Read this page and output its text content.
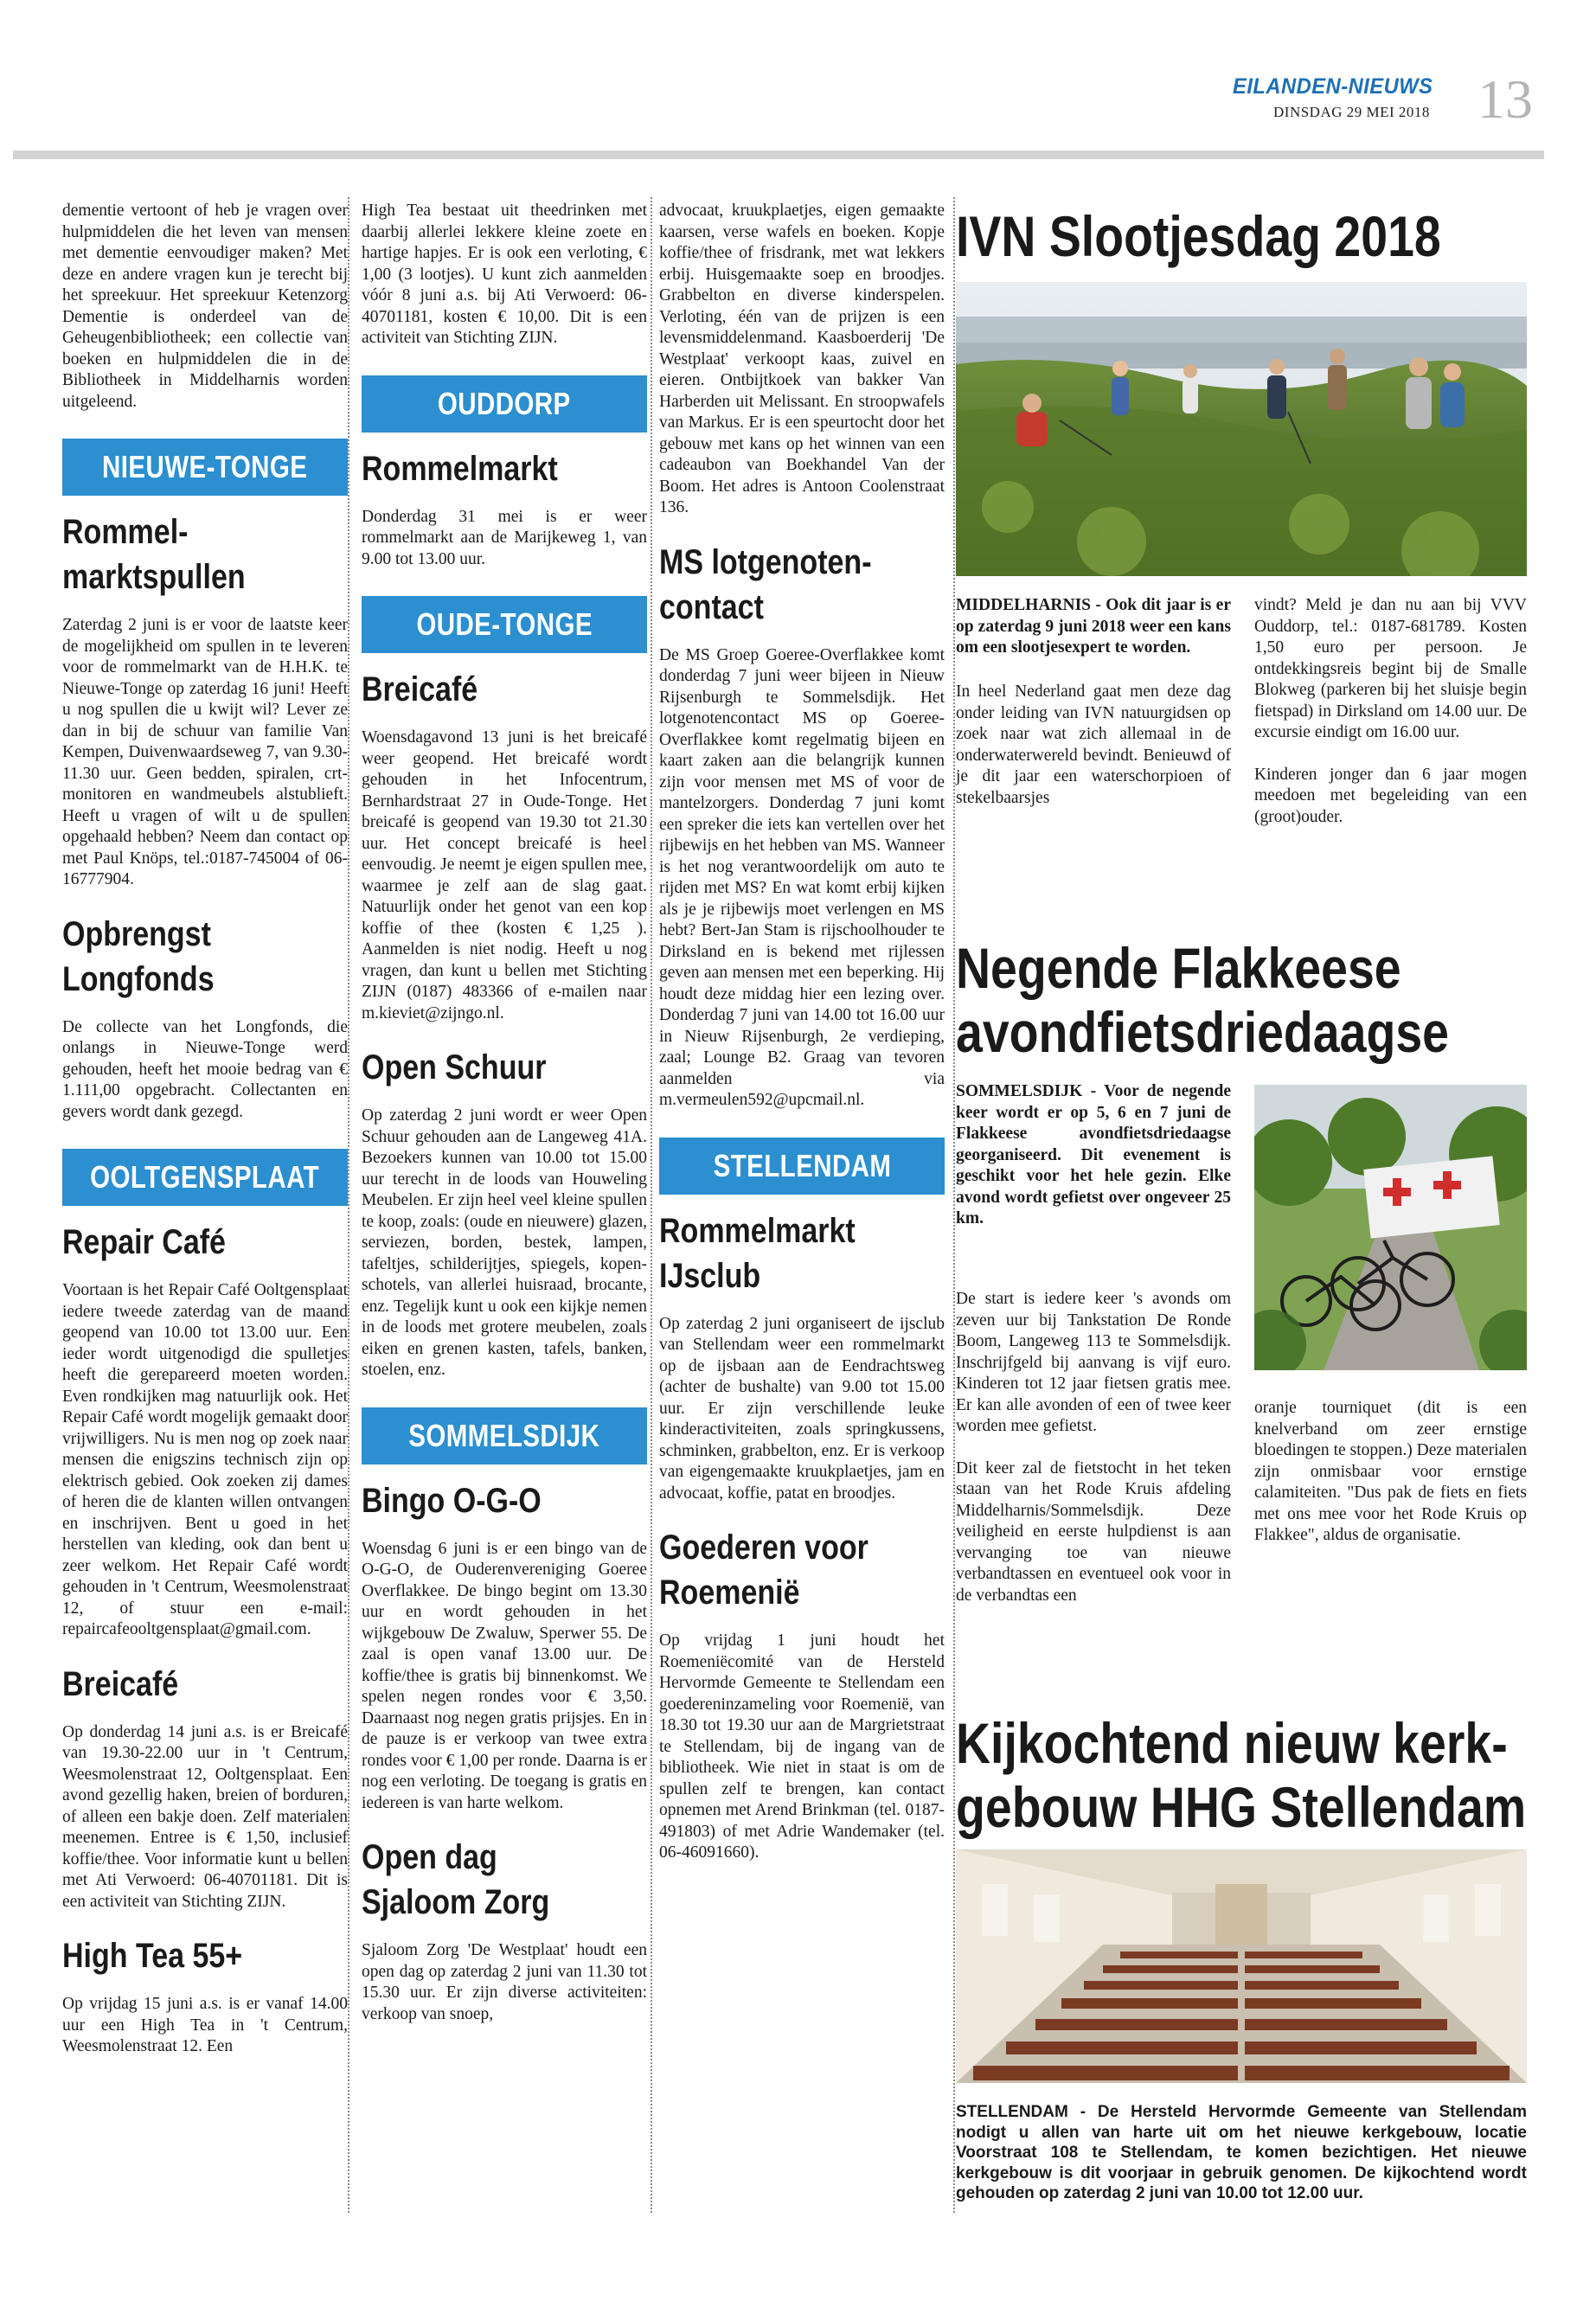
EILANDEN-NIEUWS
DINSDAG 29 MEI 2018 13

dementie vertoont of heb je vragen over hulpmiddelen die het leven van mensen met dementie eenvoudiger maken? Met deze en andere vragen kun je terecht bij het spreekuur. Het spreekuur Ketenzorg Dementie is onderdeel van de Geheugenbibliotheek; een collectie van boeken en hulpmiddelen die in de Bibliotheek in Middelharnis worden uitgeleend.

NIEUWE-TONGE
Rommel-
marktspullen

Zaterdag 2 juni is er voor de laatste keer de mogelijkheid om spullen in te leveren voor de rommelmarkt van de H.H.K. te Nieuwe-Tonge op zaterdag 16 juni! Heeft u nog spullen die u kwijt wil? Lever ze dan in bij de schuur van familie Van Kempen, Duivenwaardseweg 7, van 9.30-11.30 uur. Geen bedden, spiralen, crt-monitoren en wandmeubels alstublieft. Heeft u vragen of wilt u de spullen opgehaald hebben? Neem dan contact op met Paul Knöps, tel.:0187-745004 of 06-16777904.

Opbrengst
Longfonds

De collecte van het Longfonds, die onlangs in Nieuwe-Tonge werd gehouden, heeft het mooie bedrag van € 1.111,00 opgebracht. Collectanten en gevers wordt dank gezegd.

OOLTGENSPLAAT
Repair Café

Voortaan is het Repair Café Ooltgensplaat iedere tweede zaterdag van de maand geopend van 10.00 tot 13.00 uur. Een ieder wordt uitgenodigd die spulletjes heeft die gerepareerd moeten worden. Even rondkijken mag natuurlijk ook. Het Repair Café wordt mogelijk gemaakt door vrijwilligers. Nu is men nog op zoek naar mensen die enigszins technisch zijn op elektrisch gebied. Ook zoeken zij dames of heren die de klanten willen ontvangen en inschrijven. Bent u goed in het herstellen van kleding, ook dan bent u zeer welkom. Het Repair Café wordt gehouden in 't Centrum, Weesmolenstraat 12, of stuur een e-mail: repaircafeooltgensplaat@gmail.com.

Breicafé

Op donderdag 14 juni a.s. is er Breicafé van 19.30-22.00 uur in 't Centrum, Weesmolenstraat 12, Ooltgensplaat. Een avond gezellig haken, breien of borduren, of alleen een bakje doen. Zelf materialen meenemen. Entree is € 1,50, inclusief koffie/thee. Voor informatie kunt u bellen met Ati Verwoerd: 06-40701181. Dit is een activiteit van Stichting ZIJN.

High Tea 55+

Op vrijdag 15 juni a.s. is er vanaf 14.00 uur een High Tea in 't Centrum, Weesmolenstraat 12. Een

High Tea bestaat uit theedrinken met daarbij allerlei lekkere kleine zoete en hartige hapjes. Er is ook een verloting, € 1,00 (3 lootjes). U kunt zich aanmelden vóór 8 juni a.s. bij Ati Verwoerd: 06-40701181, kosten € 10,00. Dit is een activiteit van Stichting ZIJN.

OUDDORP
Rommelmarkt

Donderdag 31 mei is er weer rommelmarkt aan de Marijkeweg 1, van 9.00 tot 13.00 uur.

OUDE-TONGE
Breicafé

Woensdagavond 13 juni is het breicafé weer geopend. Het breicafé wordt gehouden in het Infocentrum, Bernhardstraat 27 in Oude-Tonge. Het breicafé is geopend van 19.30 tot 21.30 uur. Het concept breicafé is heel eenvoudig. Je neemt je eigen spullen mee, waarmee je zelf aan de slag gaat. Natuurlijk onder het genot van een kop koffie of thee (kosten € 1,25 ). Aanmelden is niet nodig. Heeft u nog vragen, dan kunt u bellen met Stichting ZIJN (0187) 483366 of e-mailen naar m.kieviet@zijngo.nl.

Open Schuur

Op zaterdag 2 juni wordt er weer Open Schuur gehouden aan de Langeweg 41A. Bezoekers kunnen van 10.00 tot 15.00 uur terecht in de loods van Houweling Meubelen. Er zijn heel veel kleine spullen te koop, zoals: (oude en nieuwere) glazen, serviezen, borden, bestek, lampen, tafeltjes, schilderijtjes, spiegels, kopen-schotels, van allerlei huisraad, brocante, enz. Tegelijk kunt u ook een kijkje nemen in de loods met grotere meubelen, zoals eiken en grenen kasten, tafels, banken, stoelen, enz.

SOMMELSDIJK
Bingo O-G-O

Woensdag 6 juni is er een bingo van de O-G-O, de Ouderenvereniging Goeree Overflakkee. De bingo begint om 13.30 uur en wordt gehouden in het wijkgebouw De Zwaluw, Sperwer 55. De zaal is open vanaf 13.00 uur. De koffie/thee is gratis bij binnenkomst. We spelen negen rondes voor € 3,50. Daarnaast nog negen gratis prijsjes. En in de pauze is er verkoop van twee extra rondes voor € 1,00 per ronde. Daarna is er nog een verloting. De toegang is gratis en iedereen is van harte welkom.

Open dag
Sjaloom Zorg

Sjaloom Zorg 'De Westplaat' houdt een open dag op zaterdag 2 juni van 11.30 tot 15.30 uur. Er zijn diverse activiteiten: verkoop van snoep,

advocaat, kruukplaetjes, eigen gemaakte kaarsen, verse wafels en boeken. Kopje koffie/thee of frisdrank, met wat lekkers erbij. Huisgemaakte soep en broodjes. Grabbelton en diverse kinderspelen. Verloting, één van de prijzen is een levensmiddelenmand. Kaasboerderij 'De Westplaat' verkoopt kaas, zuivel en eieren. Ontbijtkoek van bakker Van Harberden uit Melissant. En stroopwafels van Markus. Er is een speurtocht door het gebouw met kans op het winnen van een cadeaubon van Boekhandel Van der Boom. Het adres is Antoon Coolenstraat 136.

MS lotgenoten-
contact

De MS Groep Goeree-Overflakkee komt donderdag 7 juni weer bijeen in Nieuw Rijsenburgh te Sommelsdijk. Het lotgenotencontact MS op Goeree-Overflakkee komt regelmatig bijeen en kaart zaken aan die belangrijk kunnen zijn voor mensen met MS of voor de mantelzorgers. Donderdag 7 juni komt een spreker die iets kan vertellen over het rijbewijs en het hebben van MS. Wanneer is het nog verantwoordelijk om auto te rijden met MS? En wat komt erbij kijken als je je rijbewijs moet verlengen en MS hebt? Bert-Jan Stam is rijschoolhouder te Dirksland en is bekend met rijlessen geven aan mensen met een beperking. Hij houdt deze middag hier een lezing over. Donderdag 7 juni van 14.00 tot 16.00 uur in Nieuw Rijsenburgh, 2e verdieping, zaal; Lounge B2. Graag van tevoren aanmelden via m.vermeulen592@upcmail.nl.

STELLENDAM
Rommelmarkt
IJsclub

Op zaterdag 2 juni organiseert de ijsclub van Stellendam weer een rommelmarkt op de ijsbaan aan de Eendrachtsweg (achter de bushalte) van 9.00 tot 15.00 uur. Er zijn verschillende leuke kinderactiviteiten, zoals springkussens, schminken, grabbelton, enz. Er is verkoop van eigengemaakte kruukplaetjes, jam en advocaat, koffie, patat en broodjes.

Goederen voor
Roemenië

Op vrijdag 1 juni houdt het Roemeniëcomité van de Hersteld Hervormde Gemeente te Stellendam een goedereninzameling voor Roemenië, van 18.30 tot 19.30 uur aan de Margrietstraat te Stellendam, bij de ingang van de bibliotheek. Wie niet in staat is om de spullen zelf te brengen, kan contact opnemen met Arend Brinkman (tel. 0187-491803) of met Adrie Wandemaker (tel. 06-46091660).

IVN Slootjesdag 2018

MIDDELHARNIS - Ook dit jaar is er op zaterdag 9 juni 2018 weer een kans om een slootjesexpert te worden.

In heel Nederland gaat men deze dag onder leiding van IVN natuurgidsen op zoek naar wat zich allemaal in de onderwaterwereld bevindt. Benieuwd of je dit jaar een waterschorpioen of stekelbaarsjes

vindt? Meld je dan nu aan bij VVV Ouddorp, tel.: 0187-681789. Kosten 1,50 euro per persoon. Je ontdekkingsreis begint bij de Smalle Blokweg (parkeren bij het sluisje begin fietspad) in Dirksland om 14.00 uur. De excursie eindigt om 16.00 uur.

Kinderen jonger dan 6 jaar mogen meedoen met begeleiding van een (groot)ouder.

Negende Flakkeese
avondfietsdriedaagse

SOMMELSDIJK - Voor de negende keer wordt er op 5, 6 en 7 juni de Flakkeese avondfietsdriedaagse georganiseerd. Dit evenement is geschikt voor het hele gezin. Elke avond wordt gefietst over ongeveer 25 km.

De start is iedere keer 's avonds om zeven uur bij Tankstation De Ronde Boom, Langeweg 113 te Sommelsdijk. Inschrijfgeld bij aanvang is vijf euro. Kinderen tot 12 jaar fietsen gratis mee. Er kan alle avonden of een of twee keer worden mee gefietst.

Dit keer zal de fietstocht in het teken staan van het Rode Kruis afdeling Middelharnis/Sommelsdijk. Deze veiligheid en eerste hulpdienst is aan vervanging toe van nieuwe verbandtassen en eventueel ook voor in de verbandtas een

oranje tourniquet (dit is een knelverband om zeer ernstige bloedingen te stoppen.) Deze materialen zijn onmisbaar voor ernstige calamiteiten. "Dus pak de fiets en fiets met ons mee voor het Rode Kruis op Flakkee", aldus de organisatie.

Kijkochtend nieuw kerk-
gebouw HHG Stellendam
STELLENDAM - De Hersteld Hervormde Gemeente van Stellendam nodigt u allen van harte uit om het nieuwe kerkgebouw, locatie Voorstraat 108 te Stellendam, te komen bezichtigen. Het nieuwe kerkgebouw is dit voorjaar in gebruik genomen. De kijkochtend wordt gehouden op zaterdag 2 juni van 10.00 tot 12.00 uur.
